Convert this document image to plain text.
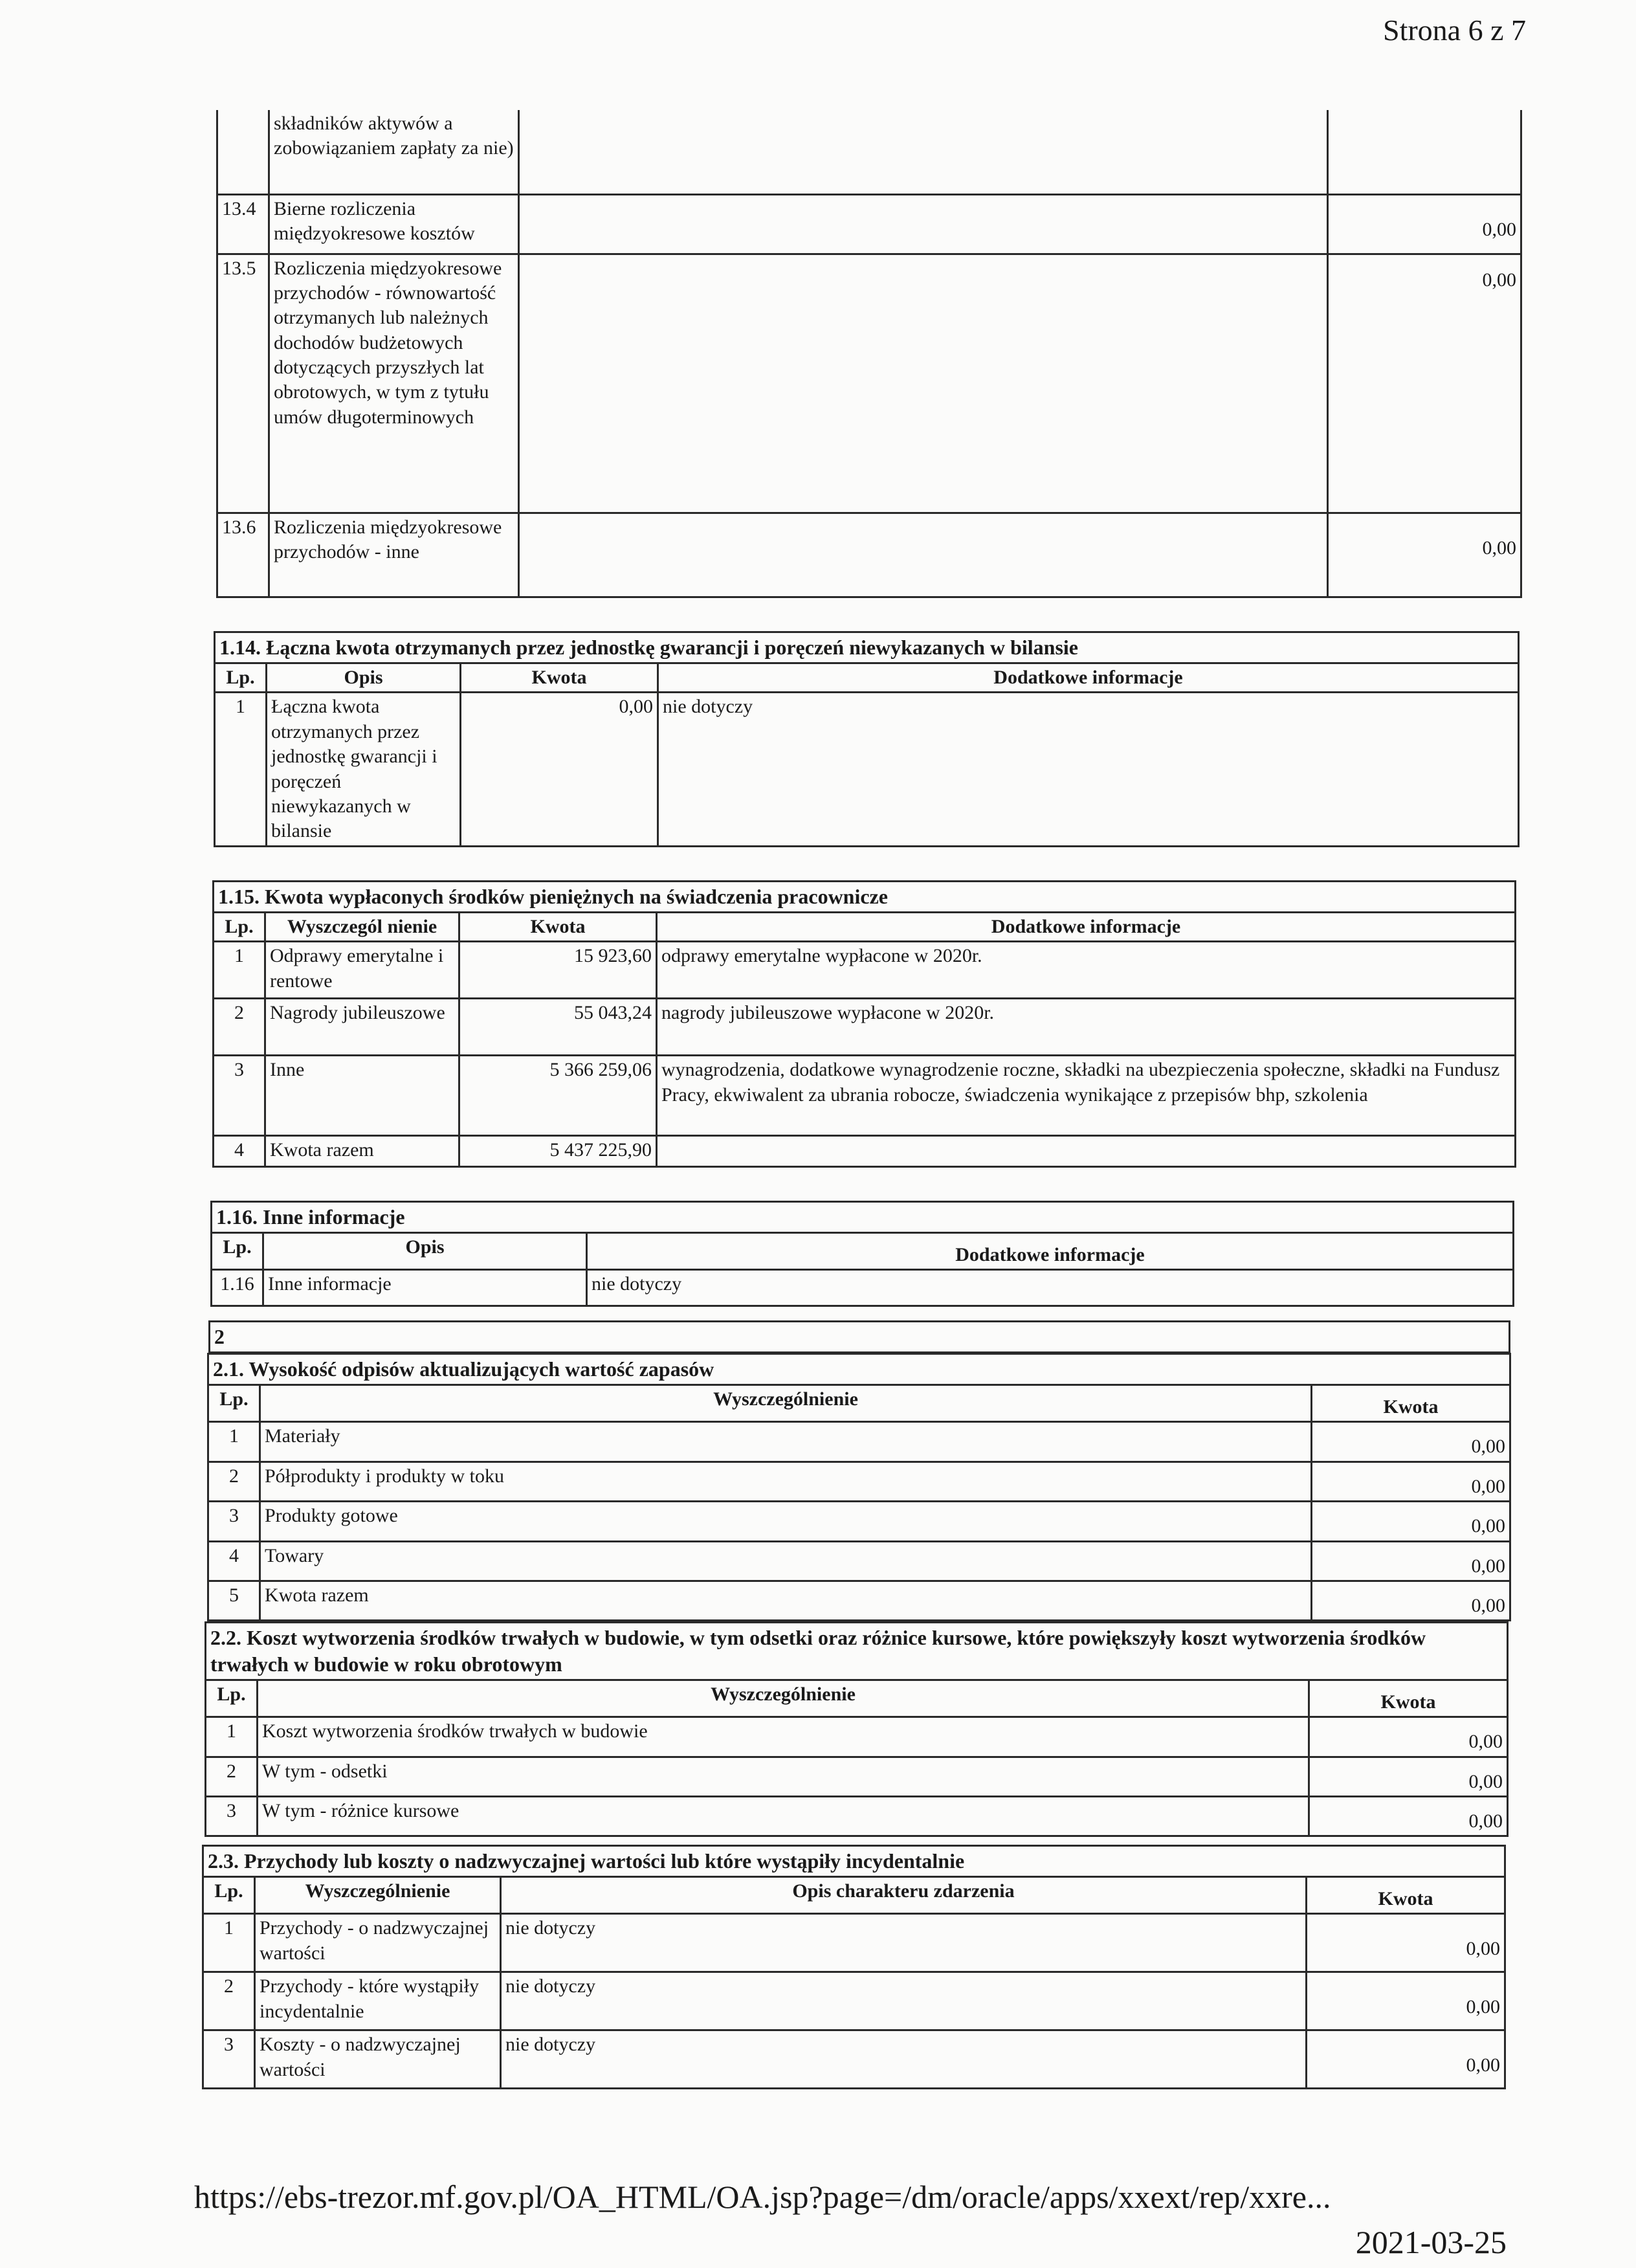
Strona 6 z 7
	składników aktywów a zobowiązaniem zapłaty za nie)		
13.4	Bierne rozliczenia międzyokresowe kosztów		0,00
13.5	Rozliczenia międzyokresowe przychodów - równowartość otrzymanych lub należnych dochodów budżetowych dotyczących przyszłych lat obrotowych, w tym z tytułu umów długoterminowych		0,00
13.6	Rozliczenia międzyokresowe przychodów - inne		0,00
1.14. Łączna kwota otrzymanych przez jednostkę gwarancji i poręczeń niewykazanych w bilansie			
Lp.	Opis	Kwota	Dodatkowe informacje
1	Łączna kwota otrzymanych przez jednostkę gwarancji i poręczeń niewykazanych w bilansie	0,00	nie dotyczy
1.15. Kwota wypłaconych środków pieniężnych na świadczenia pracownicze			
Lp.	Wyszczegól nienie	Kwota	Dodatkowe informacje
1	Odprawy emerytalne i rentowe	15 923,60	odprawy emerytalne wypłacone w 2020r.
2	Nagrody jubileuszowe	55 043,24	nagrody jubileuszowe wypłacone w 2020r.
3	Inne	5 366 259,06	wynagrodzenia, dodatkowe wynagrodzenie roczne, składki na ubezpieczenia społeczne, składki na Fundusz Pracy, ekwiwalent za ubrania robocze, świadczenia wynikające z przepisów bhp, szkolenia
4	Kwota razem	5 437 225,90	
1.16. Inne informacje		
Lp.	Opis	Dodatkowe informacje
1.16	Inne informacje	nie dotyczy
2
2.1. Wysokość odpisów aktualizujących wartość zapasów		
Lp.	Wyszczególnienie	Kwota
1	Materiały	0,00
2	Półprodukty i produkty w toku	0,00
3	Produkty gotowe	0,00
4	Towary	0,00
5	Kwota razem	0,00
2.2. Koszt wytworzenia środków trwałych w budowie, w tym odsetki oraz różnice kursowe, które powiększyły koszt wytworzenia środków trwałych w budowie w roku obrotowym		
Lp.	Wyszczególnienie	Kwota
1	Koszt wytworzenia środków trwałych w budowie	0,00
2	W tym - odsetki	0,00
3	W tym - różnice kursowe	0,00
2.3. Przychody lub koszty o nadzwyczajnej wartości lub które wystąpiły incydentalnie			
Lp.	Wyszczególnienie	Opis charakteru zdarzenia	Kwota
1	Przychody - o nadzwyczajnej wartości	nie dotyczy	0,00
2	Przychody - które wystąpiły incydentalnie	nie dotyczy	0,00
3	Koszty - o nadzwyczajnej wartości	nie dotyczy	0,00
https://ebs-trezor.mf.gov.pl/OA_HTML/OA.jsp?page=/dm/oracle/apps/xxext/rep/xxre...
2021-03-25
